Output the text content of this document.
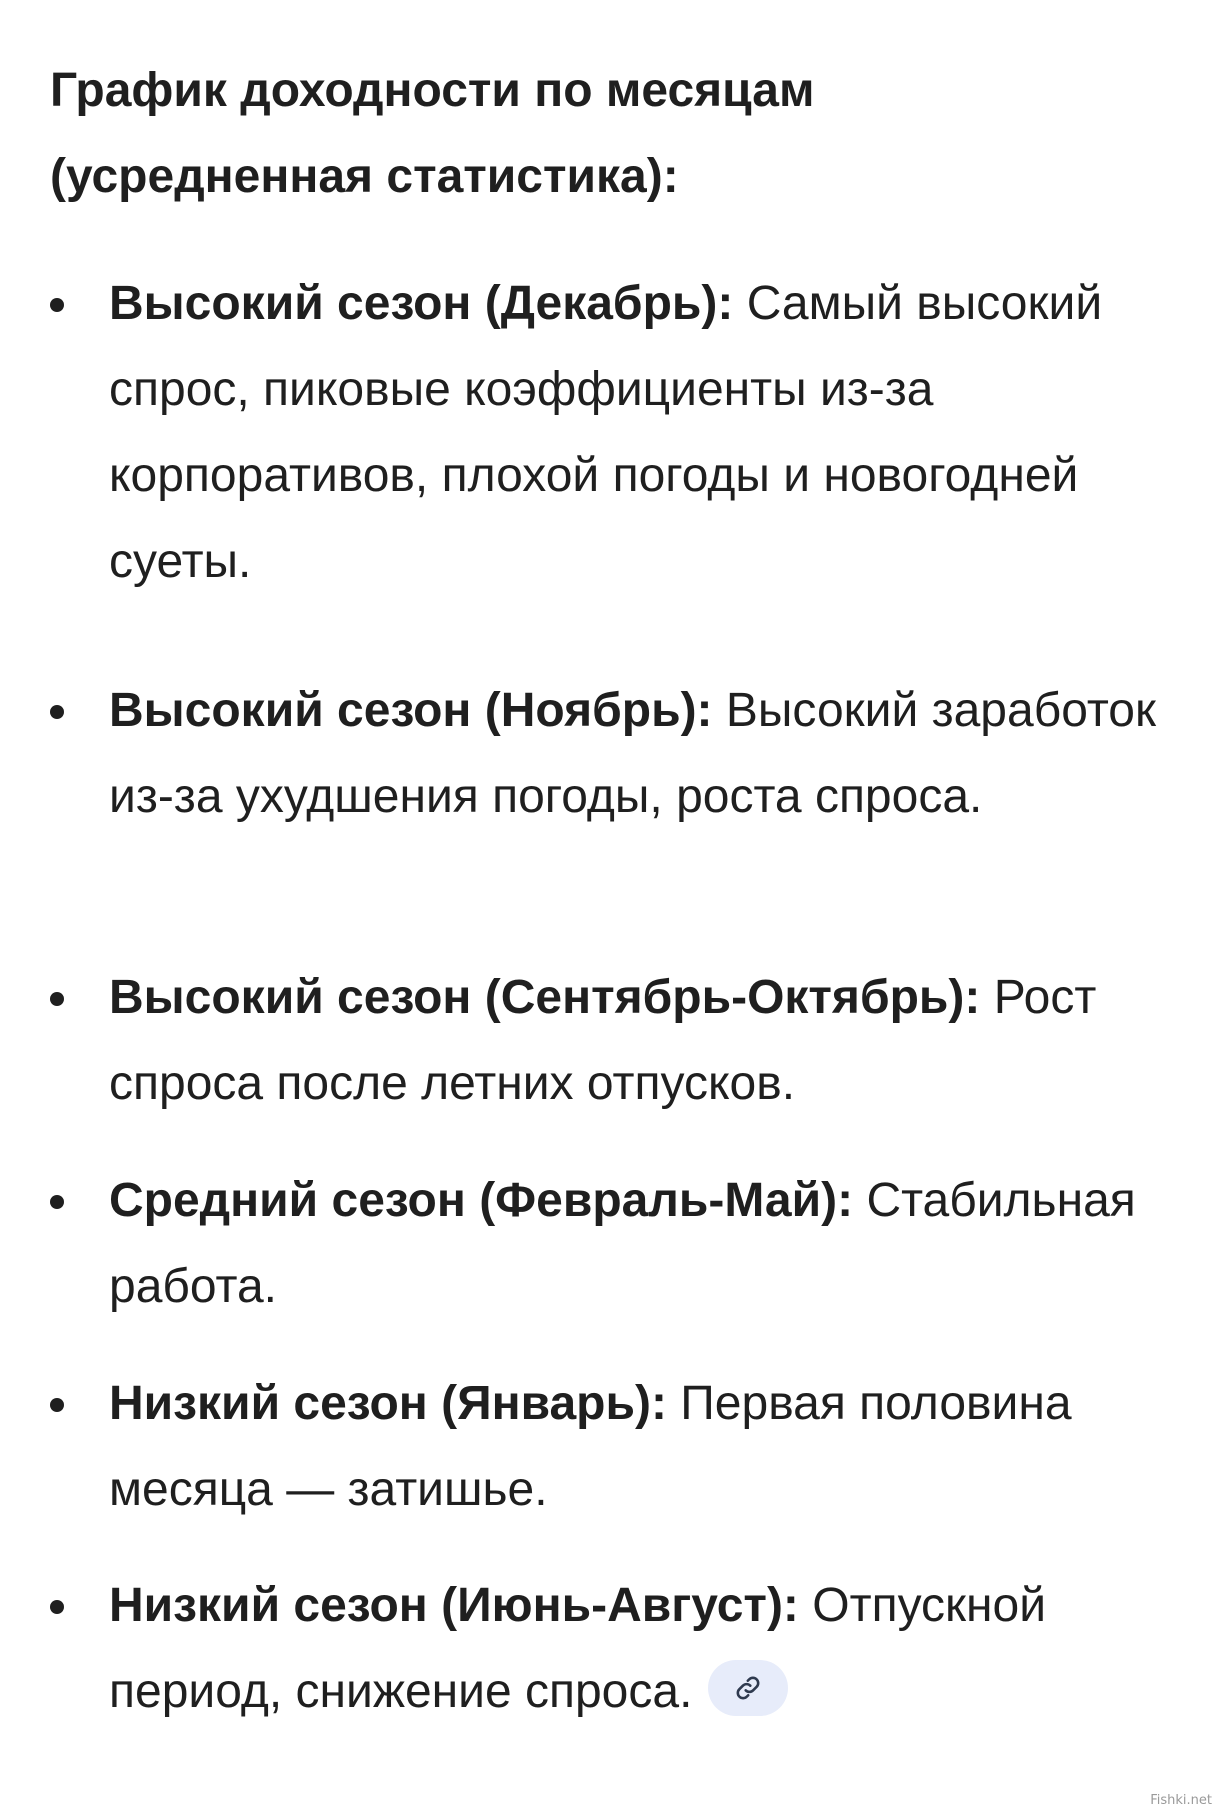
График доходности по месяцам
(усредненная статистика):
Высокий сезон (Декабрь): Самый высокий спрос, пиковые коэффициенты из-за корпоративов, плохой погоды и новогодней суеты.
Высокий сезон (Ноябрь): Высокий заработок из-за ухудшения погоды, роста спроса.
Высокий сезон (Сентябрь-Октябрь): Рост спроса после летних отпусков.
Средний сезон (Февраль-Май): Стабильная работа.
Низкий сезон (Январь): Первая половина месяца — затишье.
Низкий сезон (Июнь-Август): Отпускной период, снижение спроса.
Fishki.net
